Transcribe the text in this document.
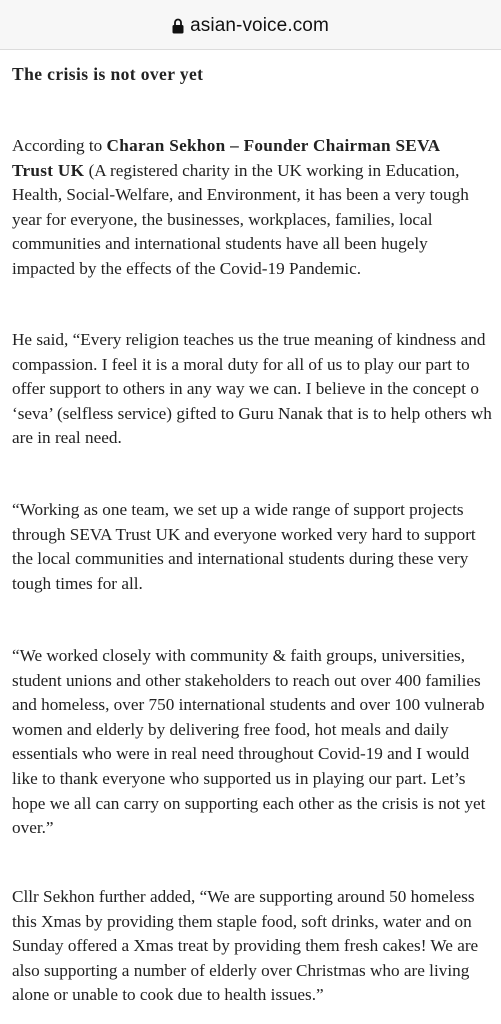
asian-voice.com
The crisis is not over yet

According to Charan Sekhon – Founder Chairman SEVA
Trust UK (A registered charity in the UK working in Education,
Health, Social-Welfare, and Environment, it has been a very tough
year for everyone, the businesses, workplaces, families, local
communities and international students have all been hugely
impacted by the effects of the Covid-19 Pandemic.

He said, “Every religion teaches us the true meaning of kindness and
compassion. I feel it is a moral duty for all of us to play our part to
offer support to others in any way we can. I believe in the concept o
‘seva’ (selfless service) gifted to Guru Nanak that is to help others wh
are in real need.

“Working as one team, we set up a wide range of support projects
through SEVA Trust UK and everyone worked very hard to support
the local communities and international students during these very
tough times for all.

“We worked closely with community & faith groups, universities,
student unions and other stakeholders to reach out over 400 families
and homeless, over 750 international students and over 100 vulnerab
women and elderly by delivering free food, hot meals and daily
essentials who were in real need throughout Covid-19 and I would
like to thank everyone who supported us in playing our part. Let’s
hope we all can carry on supporting each other as the crisis is not yet
over.”

Cllr Sekhon further added, “We are supporting around 50 homeless
this Xmas by providing them staple food, soft drinks, water and on
Sunday offered a Xmas treat by providing them fresh cakes! We are
also supporting a number of elderly over Christmas who are living
alone or unable to cook due to health issues.”
